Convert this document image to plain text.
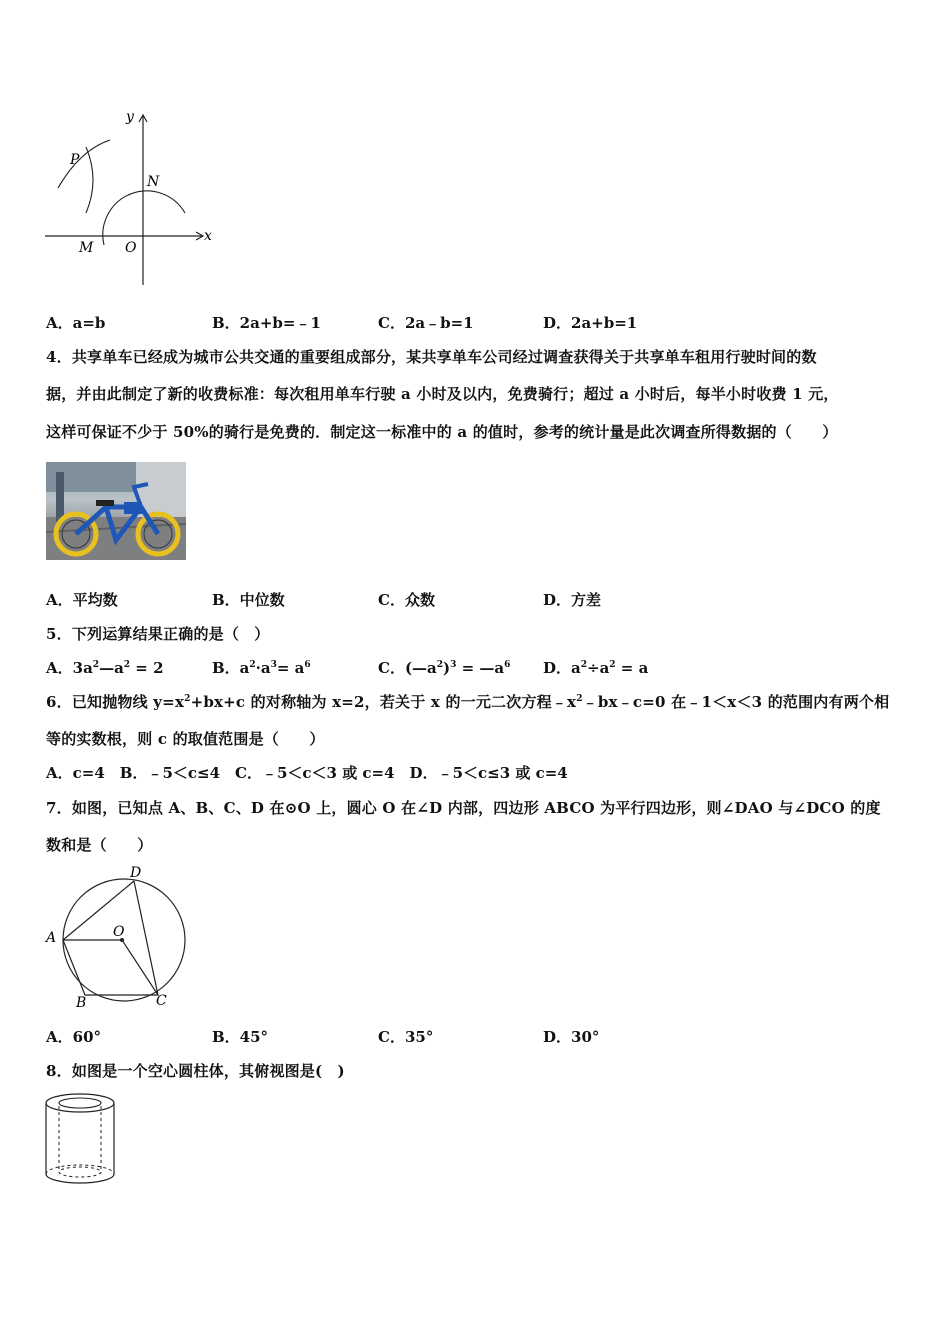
y
x
P
N
M O
A．a=b	B．2a+b=﹣1	C．2a﹣b=1	D．2a+b=1
4．共享单车已经成为城市公共交通的重要组成部分，某共享单车公司经过调查获得关于共享单车租用行驶时间的数
据，并由此制定了新的收费标准：每次租用单车行驶 a 小时及以内，免费骑行；超过 a 小时后，每半小时收费 1 元，
这样可保证不少于 50%的骑行是免费的．制定这一标准中的 a 的值时，参考的统计量是此次调查所得数据的（　　）
A．平均数	B．中位数	C．众数	D．方差
5．下列运算结果正确的是（　）
A．$3a^2—a^2 = 2$	B．$a^2\cdot a^3= a^6$	C．$(—a^2)^3$ = $—a^6$ D．$a^2\div a^2 = a$
6．已知抛物线 $y=x^2+bx+c$ 的对称轴为 x=2，若关于 x 的一元二次方程$﹣x^2﹣bx﹣c=0$ 在﹣1＜x＜3 的范围内有两个相
等的实数根，则 c 的取值范围是（　　）
A．c=4　B．﹣5＜c≤4　C．﹣5＜c＜3 或 c=4　D．﹣5＜c≤3 或 c=4
7．如图，已知点 A、B、C、D 在⊙O 上，圆心 O 在∠D 内部，四边形 ABCO 为平行四边形，则∠DAO 与∠DCO 的度
数和是（　　）
A
D
O
B	C
A．60°	B．45°	C．35°	D．30°
8．如图是一个空心圆柱体，其俯视图是(　)
